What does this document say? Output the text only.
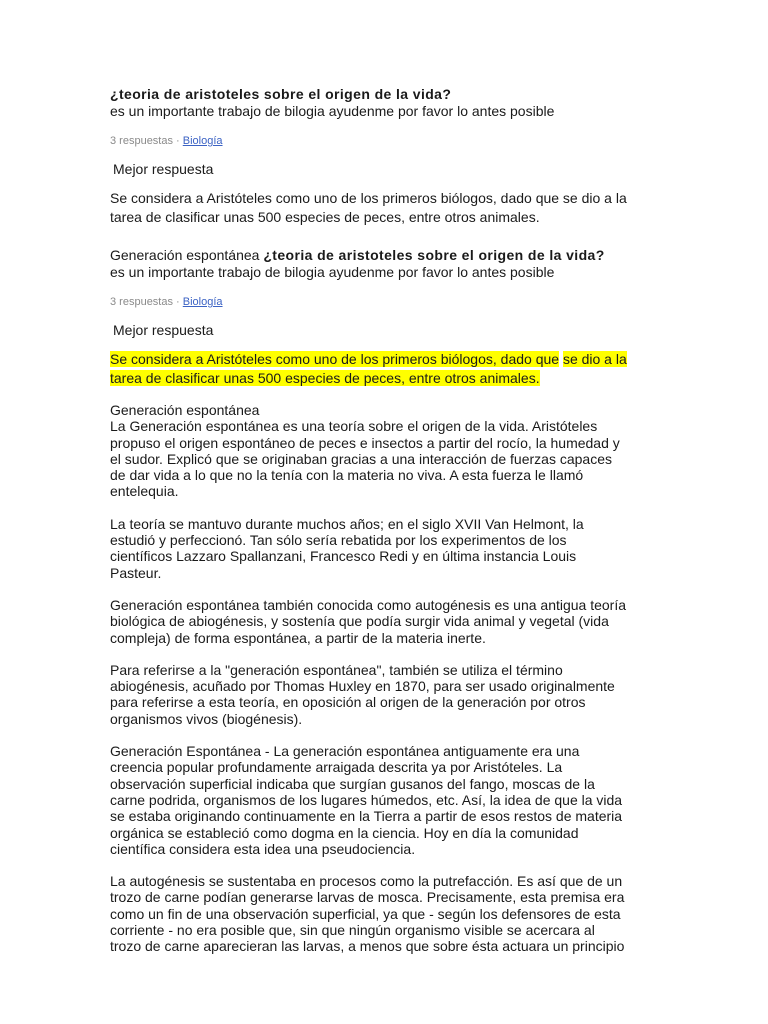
¿teoria de aristoteles sobre el origen de la vida?
es un importante trabajo de bilogia ayudenme por favor lo antes posible
3 respuestas · Biología
Mejor respuesta
Se considera a Aristóteles como uno de los primeros biólogos, dado que se dio a la
tarea de clasificar unas 500 especies de peces, entre otros animales.
Generación espontánea ¿teoria de aristoteles sobre el origen de la vida?
es un importante trabajo de bilogia ayudenme por favor lo antes posible
3 respuestas · Biología
Mejor respuesta
Se considera a Aristóteles como uno de los primeros biólogos, dado que se dio a la
tarea de clasificar unas 500 especies de peces, entre otros animales.
Generación espontánea
La Generación espontánea es una teoría sobre el origen de la vida. Aristóteles
propuso el origen espontáneo de peces e insectos a partir del rocío, la humedad y
el sudor. Explicó que se originaban gracias a una interacción de fuerzas capaces
de dar vida a lo que no la tenía con la materia no viva. A esta fuerza le llamó
entelequia.
La teoría se mantuvo durante muchos años; en el siglo XVII Van Helmont, la
estudió y perfeccionó. Tan sólo sería rebatida por los experimentos de los
científicos Lazzaro Spallanzani, Francesco Redi y en última instancia Louis
Pasteur.
Generación espontánea también conocida como autogénesis es una antigua teoría
biológica de abiogénesis, y sostenía que podía surgir vida animal y vegetal (vida
compleja) de forma espontánea, a partir de la materia inerte.
Para referirse a la "generación espontánea", también se utiliza el término
abiogénesis, acuñado por Thomas Huxley en 1870, para ser usado originalmente
para referirse a esta teoría, en oposición al origen de la generación por otros
organismos vivos (biogénesis).
Generación Espontánea - La generación espontánea antiguamente era una
creencia popular profundamente arraigada descrita ya por Aristóteles. La
observación superficial indicaba que surgían gusanos del fango, moscas de la
carne podrida, organismos de los lugares húmedos, etc. Así, la idea de que la vida
se estaba originando continuamente en la Tierra a partir de esos restos de materia
orgánica se estableció como dogma en la ciencia. Hoy en día la comunidad
científica considera esta idea una pseudociencia.
La autogénesis se sustentaba en procesos como la putrefacción. Es así que de un
trozo de carne podían generarse larvas de mosca. Precisamente, esta premisa era
como un fin de una observación superficial, ya que - según los defensores de esta
corriente - no era posible que, sin que ningún organismo visible se acercara al
trozo de carne aparecieran las larvas, a menos que sobre ésta actuara un principio
